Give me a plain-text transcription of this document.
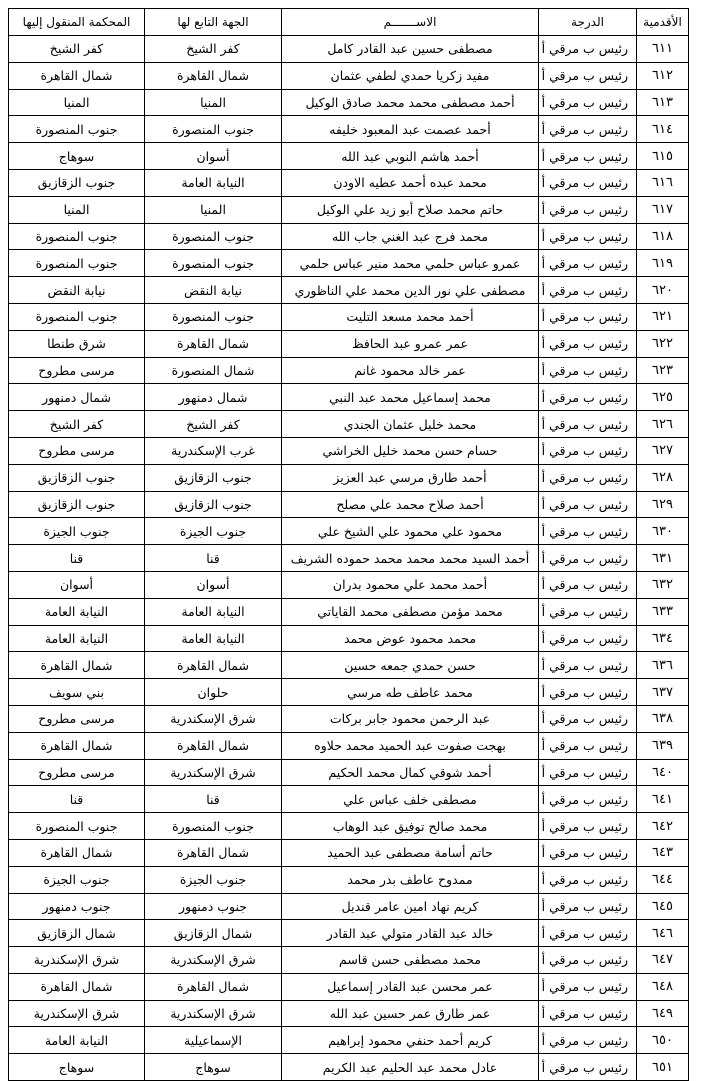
الأقدمية	الدرجة	الاســـــــم	الجهة التابع لها	المحكمة المنقول إليها
٦١١	رئيس ب مرقي أ	مصطفى حسين عبد القادر كامل	كفر الشيخ	كفر الشيخ
٦١٢	رئيس ب مرقي أ	مفيد زكريا حمدي لطفي عثمان	شمال القاهرة	شمال القاهرة
٦١٣	رئيس ب مرقي أ	أحمد مصطفى محمد محمد صادق الوكيل	المنيا	المنيا
٦١٤	رئيس ب مرقي أ	أحمد عصمت عبد المعبود خليفه	جنوب المنصورة	جنوب المنصورة
٦١٥	رئيس ب مرقي أ	أحمد هاشم النوبي عبد الله	أسوان	سوهاج
٦١٦	رئيس ب مرقي أ	محمد عبده أحمد عطيه الاودن	النيابة العامة	جنوب الزقازيق
٦١٧	رئيس ب مرقي أ	حاتم محمد صلاح أبو زيد علي الوكيل	المنيا	المنيا
٦١٨	رئيس ب مرقي أ	محمد فرج عبد الغني جاب الله	جنوب المنصورة	جنوب المنصورة
٦١٩	رئيس ب مرقي أ	عمرو عباس حلمي محمد منير عباس حلمي	جنوب المنصورة	جنوب المنصورة
٦٢٠	رئيس ب مرقي أ	مصطفى علي نور الدين محمد علي الناظوري	نيابة النقض	نيابة النقض
٦٢١	رئيس ب مرقي أ	أحمد محمد مسعد التليت	جنوب المنصورة	جنوب المنصورة
٦٢٢	رئيس ب مرقي أ	عمر عمرو عبد الحافظ	شمال القاهرة	شرق طنطا
٦٢٣	رئيس ب مرقي أ	عمر خالد محمود غانم	شمال المنصورة	مرسى مطروح
٦٢٥	رئيس ب مرقي أ	محمد إسماعيل محمد عبد النبي	شمال دمنهور	شمال دمنهور
٦٢٦	رئيس ب مرقي أ	محمد خليل عثمان الجندي	كفر الشيخ	كفر الشيخ
٦٢٧	رئيس ب مرقي أ	حسام حسن محمد خليل الخراشي	غرب الإسكندرية	مرسى مطروح
٦٢٨	رئيس ب مرقي أ	أحمد طارق مرسي عبد العزيز	جنوب الزقازيق	جنوب الزقازيق
٦٢٩	رئيس ب مرقي أ	أحمد صلاح محمد علي مصلح	جنوب الزقازيق	جنوب الزقازيق
٦٣٠	رئيس ب مرقي أ	محمود علي محمود علي الشيخ علي	جنوب الجيزة	جنوب الجيزة
٦٣١	رئيس ب مرقي أ	أحمد السيد محمد محمد محمد حموده الشريف	قنا	قنا
٦٣٢	رئيس ب مرقي أ	أحمد محمد علي محمود بدران	أسوان	أسوان
٦٣٣	رئيس ب مرقي أ	محمد مؤمن مصطفى محمد القاياتي	النيابة العامة	النيابة العامة
٦٣٤	رئيس ب مرقي أ	محمد محمود عوض محمد	النيابة العامة	النيابة العامة
٦٣٦	رئيس ب مرقي أ	حسن حمدي جمعه حسين	شمال القاهرة	شمال القاهرة
٦٣٧	رئيس ب مرقي أ	محمد عاطف طه مرسي	حلوان	بني سويف
٦٣٨	رئيس ب مرقي أ	عبد الرحمن محمود جابر بركات	شرق الإسكندرية	مرسى مطروح
٦٣٩	رئيس ب مرقي أ	بهجت صفوت عبد الحميد محمد حلاوه	شمال القاهرة	شمال القاهرة
٦٤٠	رئيس ب مرقي أ	أحمد شوقي كمال محمد الحكيم	شرق الإسكندرية	مرسى مطروح
٦٤١	رئيس ب مرقي أ	مصطفى خلف عباس علي	قنا	قنا
٦٤٢	رئيس ب مرقي أ	محمد صالح توفيق عبد الوهاب	جنوب المنصورة	جنوب المنصورة
٦٤٣	رئيس ب مرقي أ	حاتم أسامة مصطفى عبد الحميد	شمال القاهرة	شمال القاهرة
٦٤٤	رئيس ب مرقي أ	ممدوح عاطف بدر محمد	جنوب الجيزة	جنوب الجيزة
٦٤٥	رئيس ب مرقي أ	كريم نهاد امين عامر قنديل	جنوب دمنهور	جنوب دمنهور
٦٤٦	رئيس ب مرقي أ	خالد عبد القادر متولي عبد القادر	شمال الزقازيق	شمال الزقازيق
٦٤٧	رئيس ب مرقي أ	محمد مصطفى حسن قاسم	شرق الإسكندرية	شرق الإسكندرية
٦٤٨	رئيس ب مرقي أ	عمر محسن عبد القادر إسماعيل	شمال القاهرة	شمال القاهرة
٦٤٩	رئيس ب مرقي أ	عمر طارق عمر حسين عبد الله	شرق الإسكندرية	شرق الإسكندرية
٦٥٠	رئيس ب مرقي أ	كريم أحمد حنفي محمود إبراهيم	الإسماعيلية	النيابة العامة
٦٥١	رئيس ب مرقي أ	عادل محمد عبد الحليم عبد الكريم	سوهاج	سوهاج
